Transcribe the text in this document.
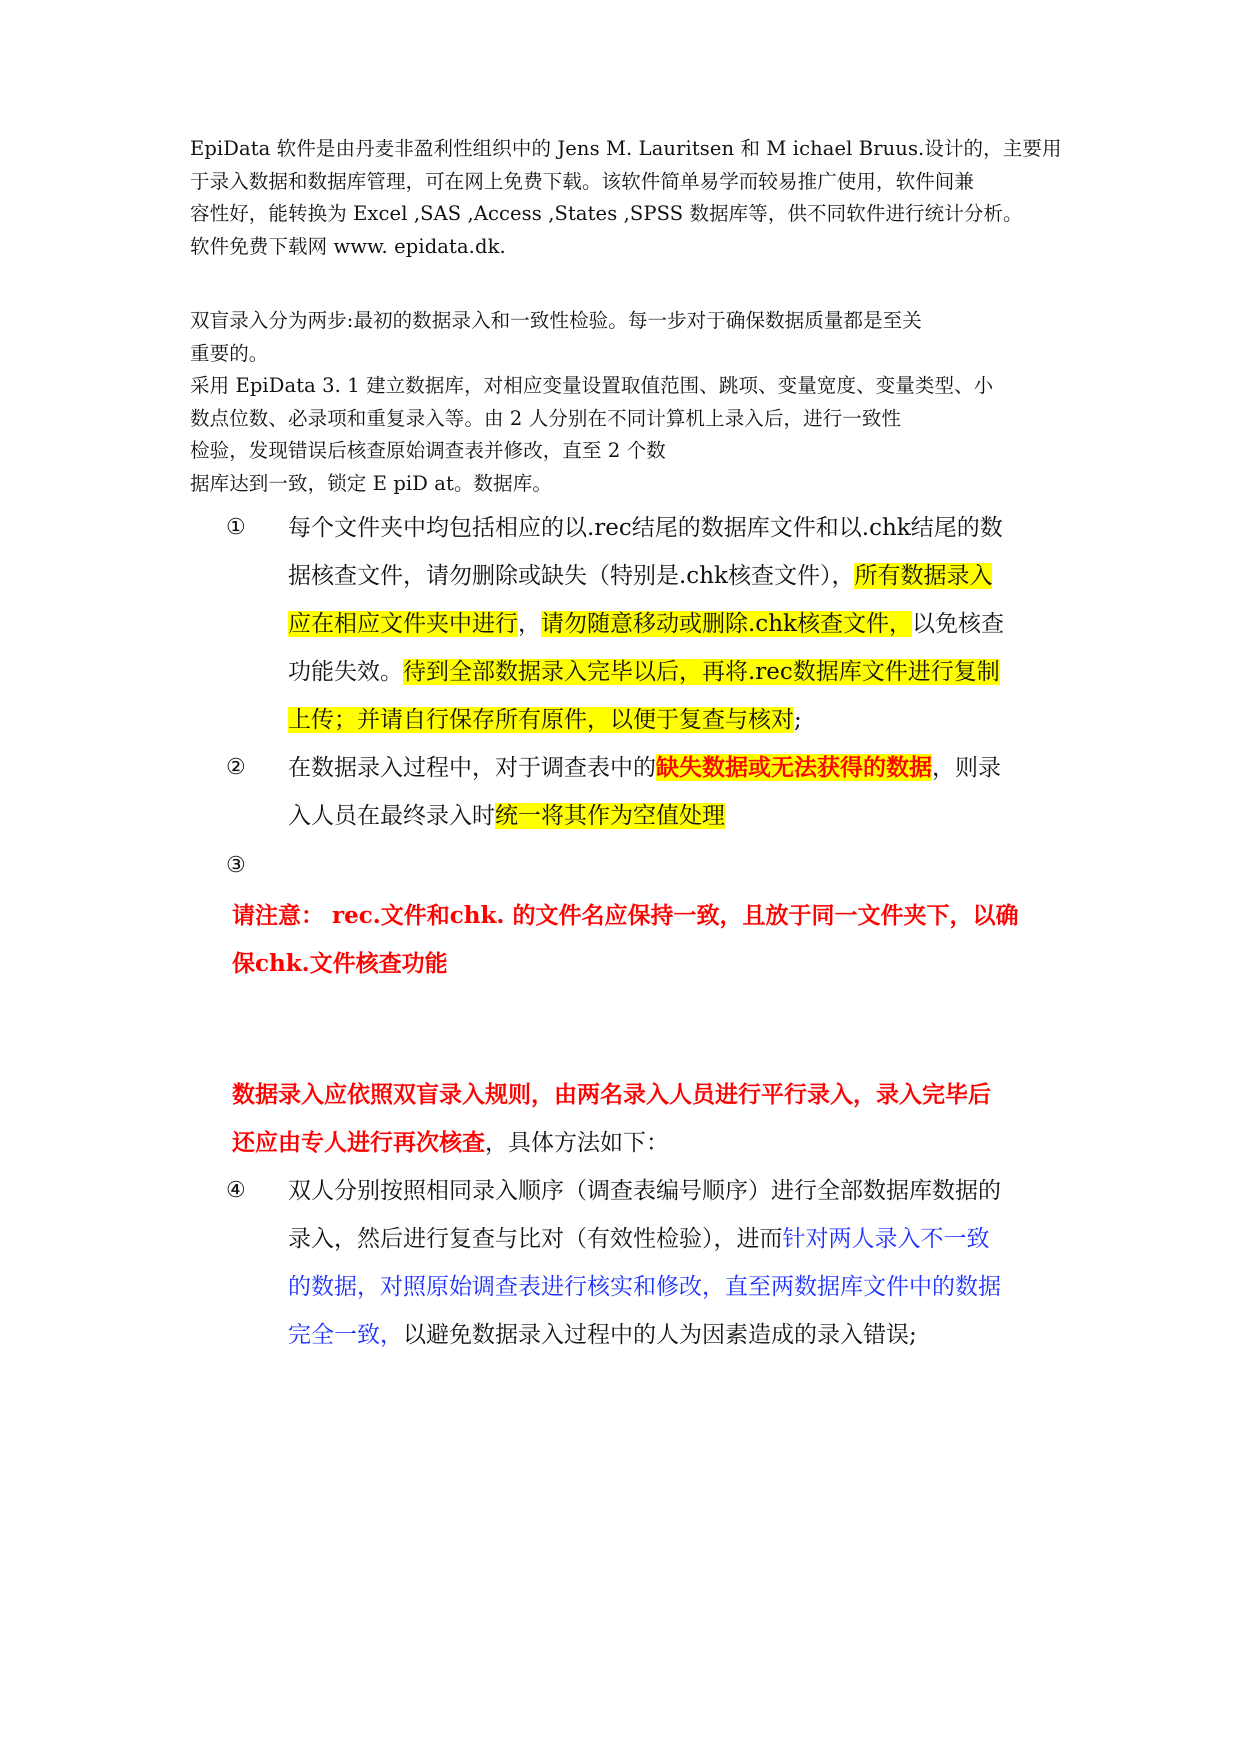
EpiData 软件是由丹麦非盈利性组织中的 Jens M. Lauritsen 和 M ichael Bruus.设计的，主要用
于录入数据和数据库管理，可在网上免费下载。该软件简单易学而较易推广使用，软件间兼
容性好，能转换为 Excel ,SAS ,Access ,States ,SPSS 数据库等，供不同软件进行统计分析。
软件免费下载网 www. epidata.dk.
双盲录入分为两步:最初的数据录入和一致性检验。每一步对于确保数据质量都是至关
重要的。
采用 EpiData 3. 1 建立数据库，对相应变量设置取值范围、跳项、变量宽度、变量类型、小
数点位数、必录项和重复录入等。由 2 人分别在不同计算机上录入后，进行一致性
检验，发现错误后核查原始调查表并修改，直至 2 个数
据库达到一致，锁定 E piD at。数据库。
① 每个文件夹中均包括相应的以.rec结尾的数据库文件和以.chk结尾的数
据核查文件，请勿删除或缺失（特别是.chk核查文件），所有数据录入
应在相应文件夹中进行，请勿随意移动或删除.chk核查文件，以免核查
功能失效。待到全部数据录入完毕以后，再将.rec数据库文件进行复制
上传；并请自行保存所有原件，以便于复查与核对;
② 在数据录入过程中，对于调查表中的缺失数据或无法获得的数据，则录
入人员在最终录入时统一将其作为空值处理
③
请注意： rec.文件和chk. 的文件名应保持一致，且放于同一文件夹下，以确
保chk.文件核查功能
数据录入应依照双盲录入规则，由两名录入人员进行平行录入，录入完毕后
还应由专人进行再次核查，具体方法如下：
④ 双人分别按照相同录入顺序（调查表编号顺序）进行全部数据库数据的
录入，然后进行复查与比对（有效性检验），进而针对两人录入不一致
的数据，对照原始调查表进行核实和修改，直至两数据库文件中的数据
完全一致，以避免数据录入过程中的人为因素造成的录入错误;
